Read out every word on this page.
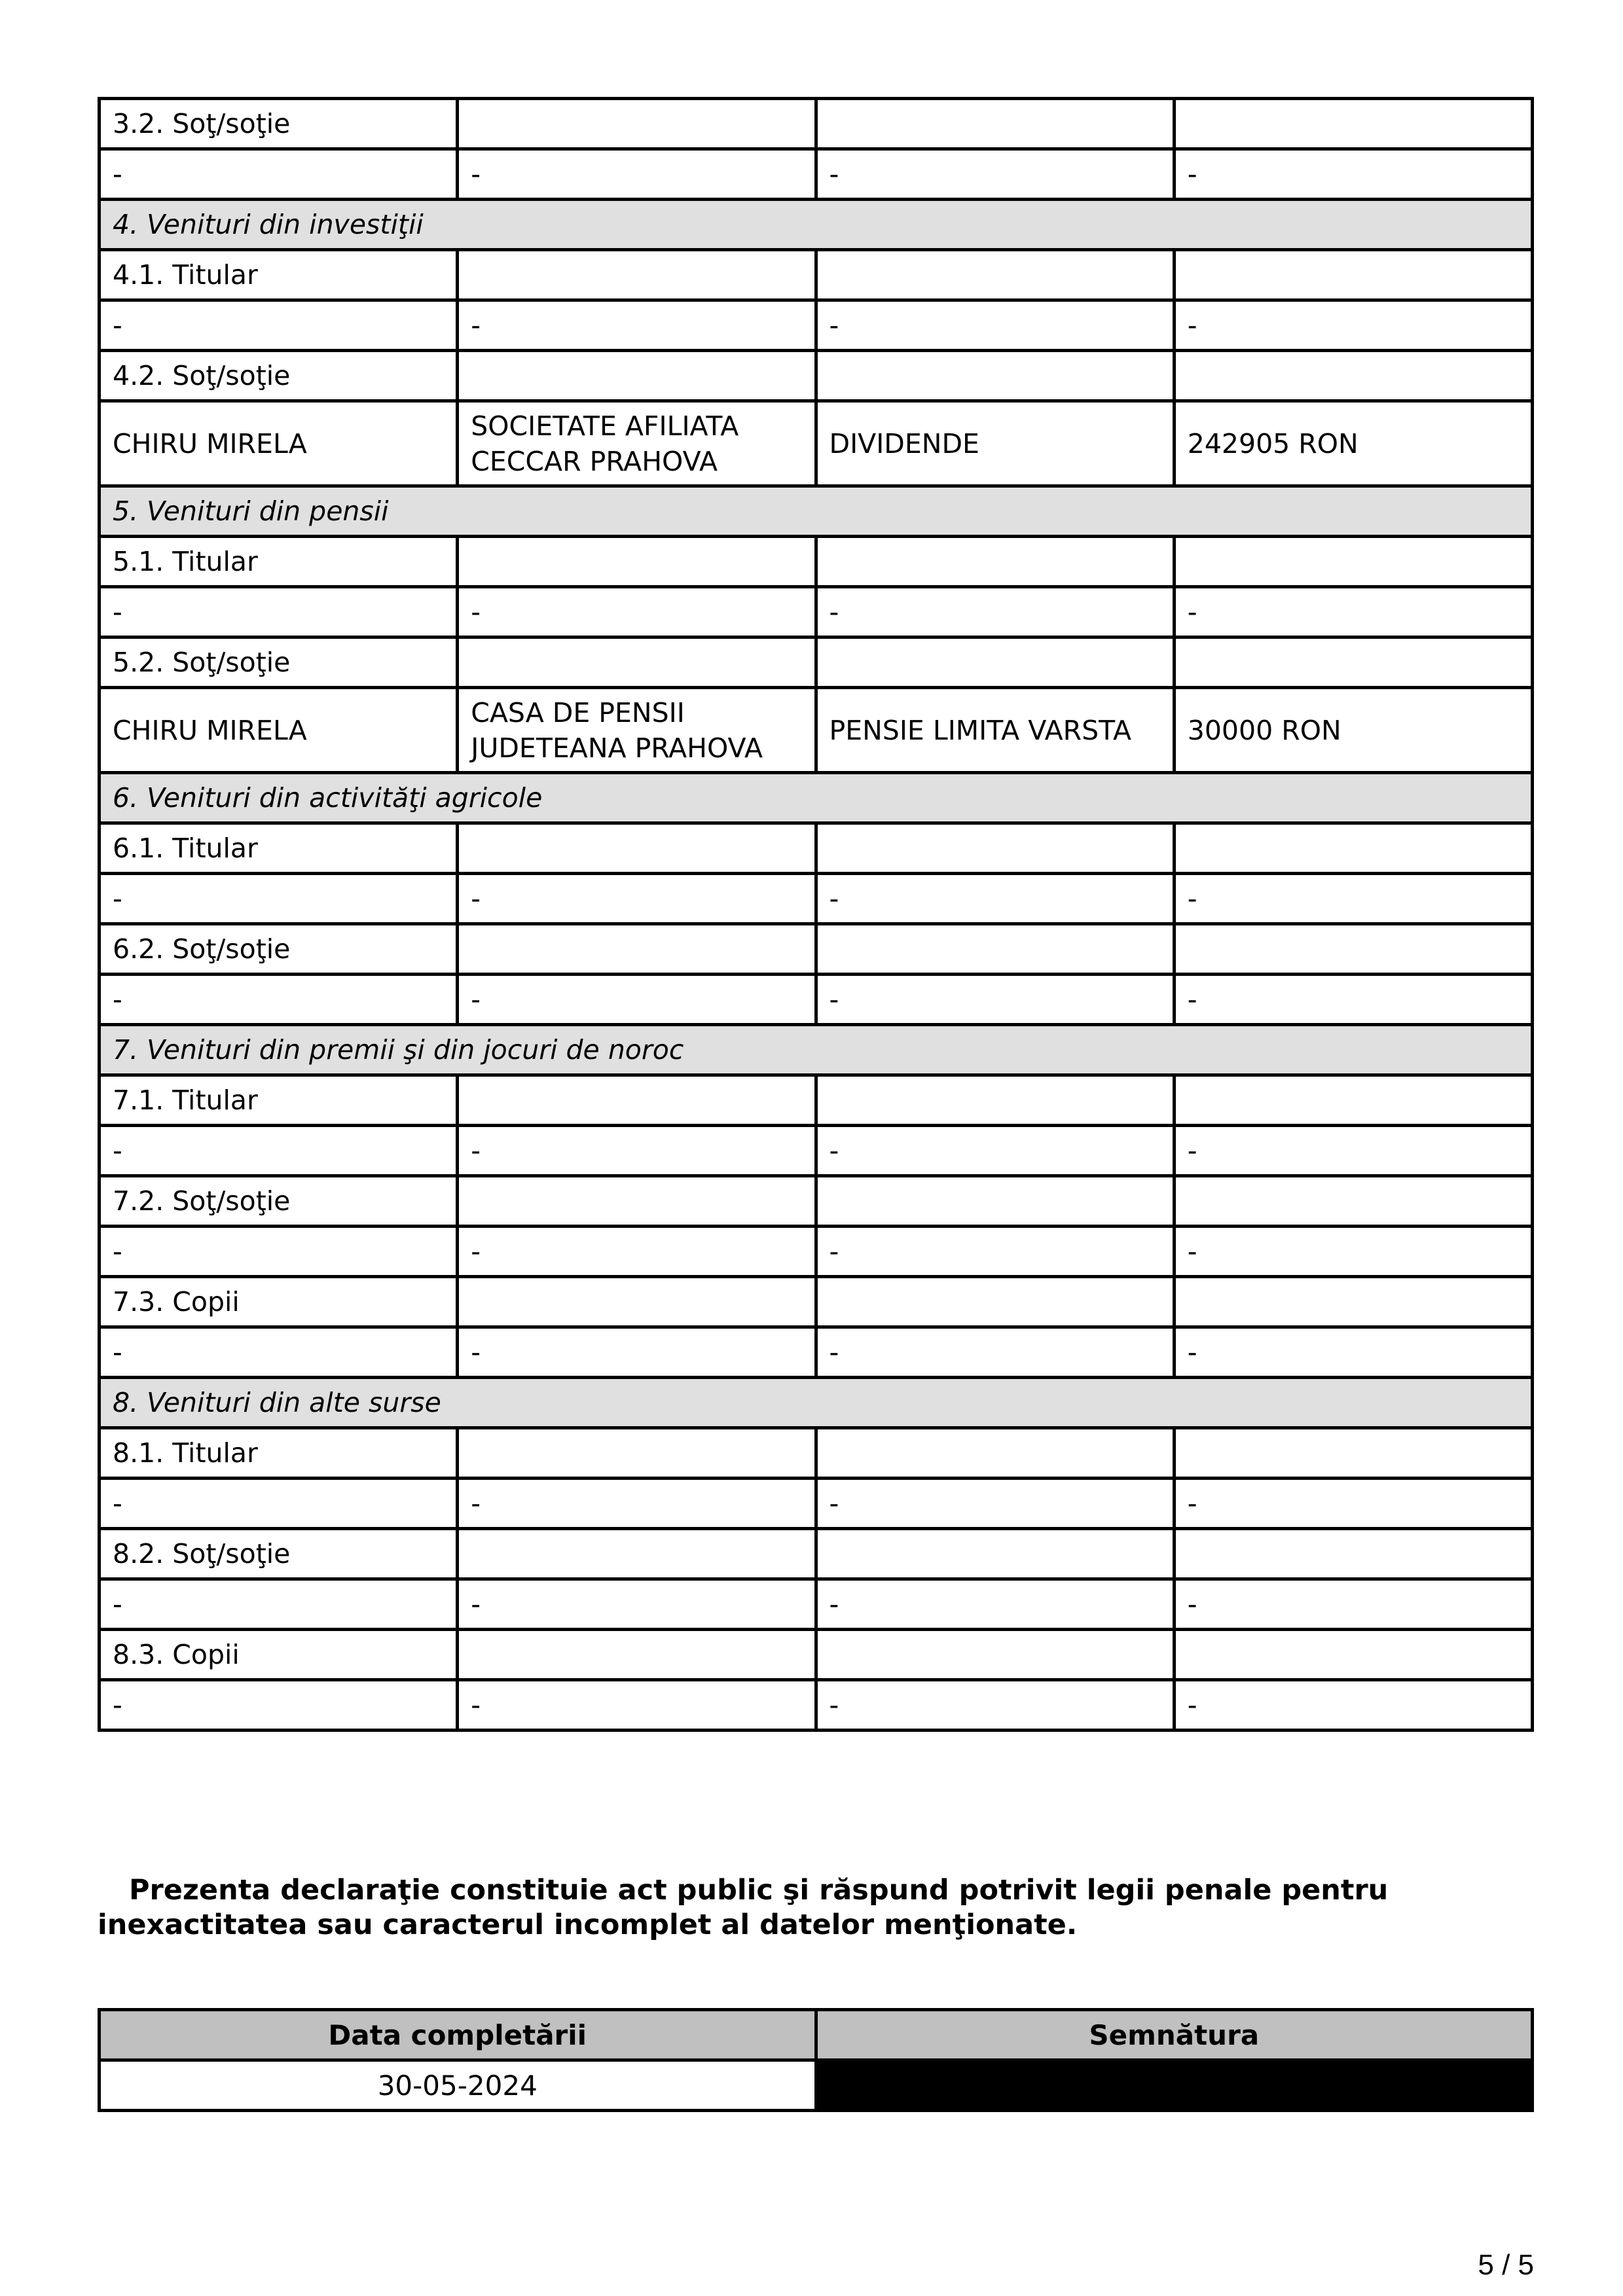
3.2. Soţ/soţie			
-	-	-	-
4. Venituri din investiţii			
4.1. Titular			
-	-	-	-
4.2. Soţ/soţie			
CHIRU MIRELA	SOCIETATE AFILIATA CECCAR PRAHOVA	DIVIDENDE	242905 RON
5. Venituri din pensii			
5.1. Titular			
-	-	-	-
5.2. Soţ/soţie			
CHIRU MIRELA	CASA DE PENSII JUDETEANA PRAHOVA	PENSIE LIMITA VARSTA	30000 RON
6. Venituri din activităţi agricole			
6.1. Titular			
-	-	-	-
6.2. Soţ/soţie			
-	-	-	-
7. Venituri din premii şi din jocuri de noroc			
7.1. Titular			
-	-	-	-
7.2. Soţ/soţie			
-	-	-	-
7.3. Copii			
-	-	-	-
8. Venituri din alte surse			
8.1. Titular			
-	-	-	-
8.2. Soţ/soţie			
-	-	-	-
8.3. Copii			
-	-	-	-

Prezenta declaraţie constituie act public şi răspund potrivit legii penale pentru inexactitatea sau caracterul incomplet al datelor menţionate.

Data completării	Semnătura
30-05-2024	
5 / 5
